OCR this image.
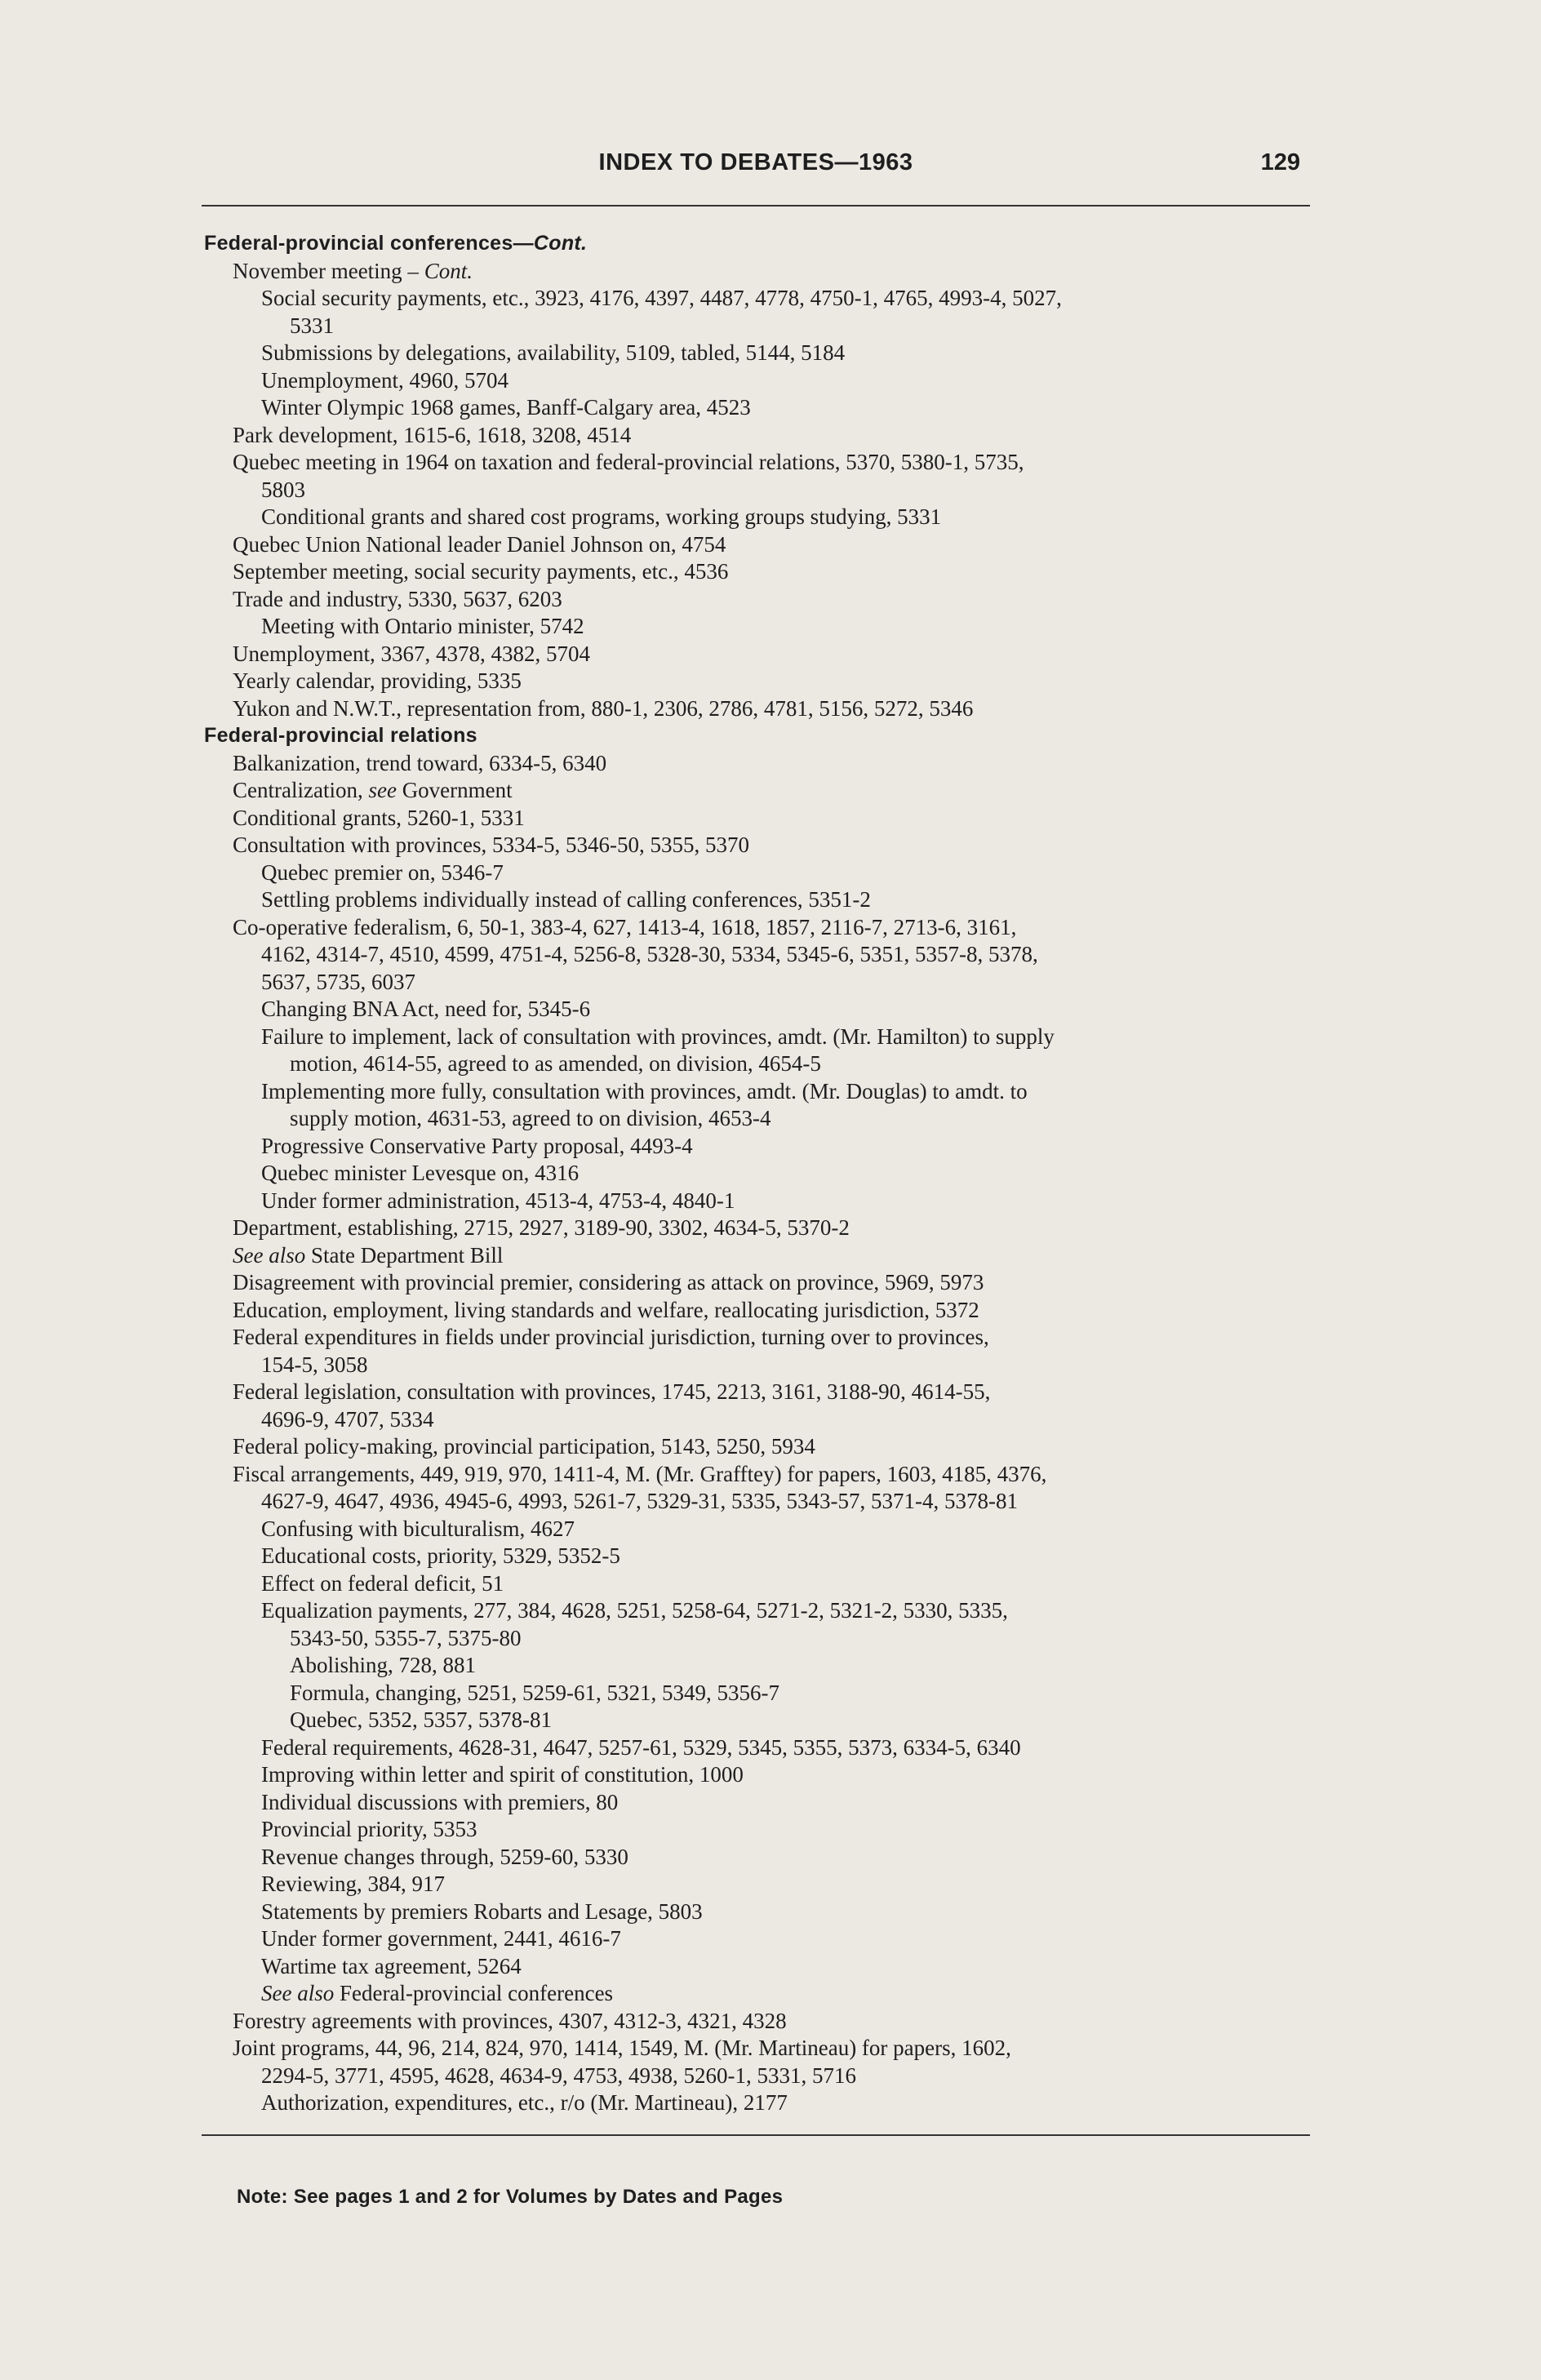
INDEX TO DEBATES—1963	129
Federal-provincial conferences—Cont.
November meeting – Cont.
Social security payments, etc., 3923, 4176, 4397, 4487, 4778, 4750-1, 4765, 4993-4, 5027,
5331
Submissions by delegations, availability, 5109, tabled, 5144, 5184
Unemployment, 4960, 5704
Winter Olympic 1968 games, Banff-Calgary area, 4523
Park development, 1615-6, 1618, 3208, 4514
Quebec meeting in 1964 on taxation and federal-provincial relations, 5370, 5380-1, 5735,
5803
Conditional grants and shared cost programs, working groups studying, 5331
Quebec Union National leader Daniel Johnson on, 4754
September meeting, social security payments, etc., 4536
Trade and industry, 5330, 5637, 6203
Meeting with Ontario minister, 5742
Unemployment, 3367, 4378, 4382, 5704
Yearly calendar, providing, 5335
Yukon and N.W.T., representation from, 880-1, 2306, 2786, 4781, 5156, 5272, 5346
Federal-provincial relations
Balkanization, trend toward, 6334-5, 6340
Centralization, see Government
Conditional grants, 5260-1, 5331
Consultation with provinces, 5334-5, 5346-50, 5355, 5370
Quebec premier on, 5346-7
Settling problems individually instead of calling conferences, 5351-2
Co-operative federalism, 6, 50-1, 383-4, 627, 1413-4, 1618, 1857, 2116-7, 2713-6, 3161,
4162, 4314-7, 4510, 4599, 4751-4, 5256-8, 5328-30, 5334, 5345-6, 5351, 5357-8, 5378,
5637, 5735, 6037
Changing BNA Act, need for, 5345-6
Failure to implement, lack of consultation with provinces, amdt. (Mr. Hamilton) to supply
motion, 4614-55, agreed to as amended, on division, 4654-5
Implementing more fully, consultation with provinces, amdt. (Mr. Douglas) to amdt. to
supply motion, 4631-53, agreed to on division, 4653-4
Progressive Conservative Party proposal, 4493-4
Quebec minister Levesque on, 4316
Under former administration, 4513-4, 4753-4, 4840-1
Department, establishing, 2715, 2927, 3189-90, 3302, 4634-5, 5370-2
See also State Department Bill
Disagreement with provincial premier, considering as attack on province, 5969, 5973
Education, employment, living standards and welfare, reallocating jurisdiction, 5372
Federal expenditures in fields under provincial jurisdiction, turning over to provinces,
154-5, 3058
Federal legislation, consultation with provinces, 1745, 2213, 3161, 3188-90, 4614-55,
4696-9, 4707, 5334
Federal policy-making, provincial participation, 5143, 5250, 5934
Fiscal arrangements, 449, 919, 970, 1411-4, M. (Mr. Grafftey) for papers, 1603, 4185, 4376,
4627-9, 4647, 4936, 4945-6, 4993, 5261-7, 5329-31, 5335, 5343-57, 5371-4, 5378-81
Confusing with biculturalism, 4627
Educational costs, priority, 5329, 5352-5
Effect on federal deficit, 51
Equalization payments, 277, 384, 4628, 5251, 5258-64, 5271-2, 5321-2, 5330, 5335,
5343-50, 5355-7, 5375-80
Abolishing, 728, 881
Formula, changing, 5251, 5259-61, 5321, 5349, 5356-7
Quebec, 5352, 5357, 5378-81
Federal requirements, 4628-31, 4647, 5257-61, 5329, 5345, 5355, 5373, 6334-5, 6340
Improving within letter and spirit of constitution, 1000
Individual discussions with premiers, 80
Provincial priority, 5353
Revenue changes through, 5259-60, 5330
Reviewing, 384, 917
Statements by premiers Robarts and Lesage, 5803
Under former government, 2441, 4616-7
Wartime tax agreement, 5264
See also Federal-provincial conferences
Forestry agreements with provinces, 4307, 4312-3, 4321, 4328
Joint programs, 44, 96, 214, 824, 970, 1414, 1549, M. (Mr. Martineau) for papers, 1602,
2294-5, 3771, 4595, 4628, 4634-9, 4753, 4938, 5260-1, 5331, 5716
Authorization, expenditures, etc., r/o (Mr. Martineau), 2177
Note: See pages 1 and 2 for Volumes by Dates and Pages
